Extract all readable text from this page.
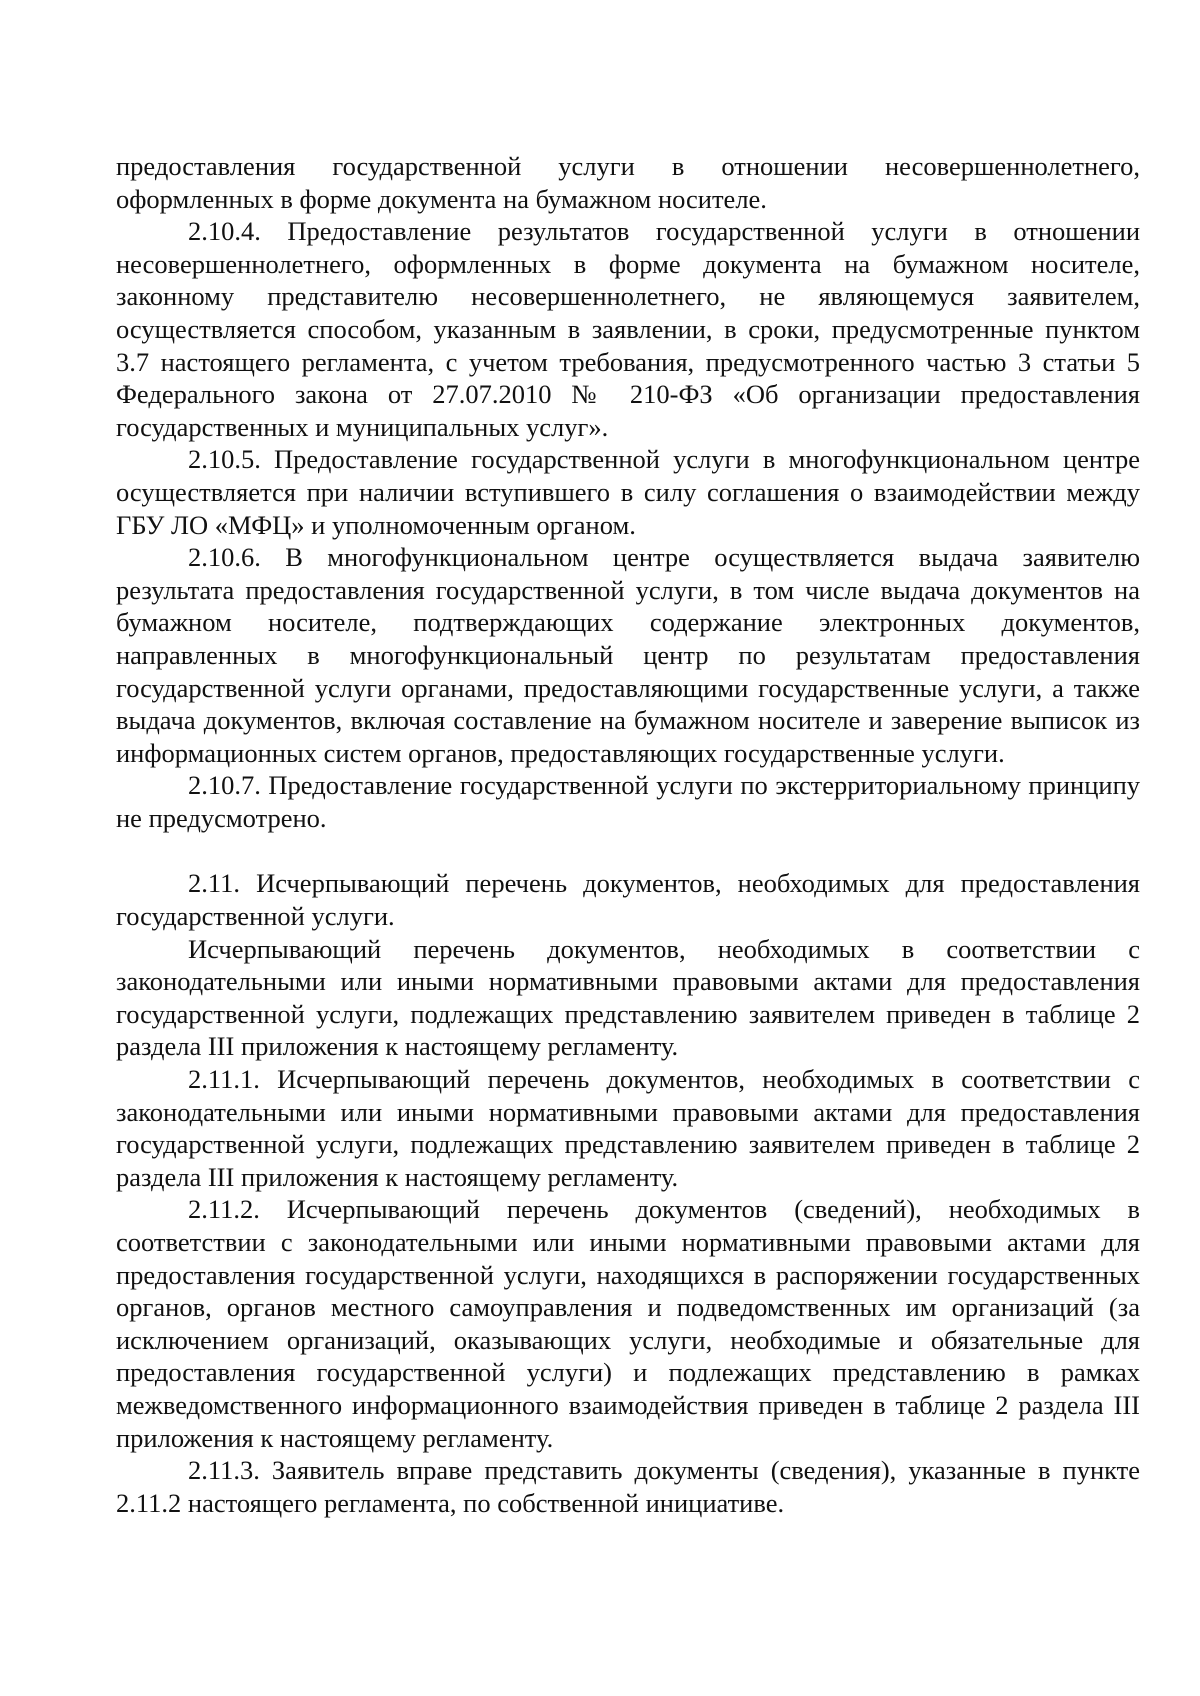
предоставления государственной услуги в отношении несовершеннолетнего, оформленных в форме документа на бумажном носителе.

2.10.4. Предоставление результатов государственной услуги в отношении несовершеннолетнего, оформленных в форме документа на бумажном носителе, законному представителю несовершеннолетнего, не являющемуся заявителем, осуществляется способом, указанным в заявлении, в сроки, предусмотренные пунктом 3.7 настоящего регламента, с учетом требования, предусмотренного частью 3 статьи 5 Федерального закона от 27.07.2010 № 210-ФЗ «Об организации предоставления государственных и муниципальных услуг».

2.10.5. Предоставление государственной услуги в многофункциональном центре осуществляется при наличии вступившего в силу соглашения о взаимодействии между ГБУ ЛО «МФЦ» и уполномоченным органом.

2.10.6. В многофункциональном центре осуществляется выдача заявителю результата предоставления государственной услуги, в том числе выдача документов на бумажном носителе, подтверждающих содержание электронных документов, направленных в многофункциональный центр по результатам предоставления государственной услуги органами, предоставляющими государственные услуги, а также выдача документов, включая составление на бумажном носителе и заверение выписок из информационных систем органов, предоставляющих государственные услуги.

2.10.7. Предоставление государственной услуги по экстерриториальному принципу не предусмотрено.

2.11. Исчерпывающий перечень документов, необходимых для предоставления государственной услуги.

Исчерпывающий перечень документов, необходимых в соответствии с законодательными или иными нормативными правовыми актами для предоставления государственной услуги, подлежащих представлению заявителем приведен в таблице 2 раздела III приложения к настоящему регламенту.

2.11.1. Исчерпывающий перечень документов, необходимых в соответствии с законодательными или иными нормативными правовыми актами для предоставления государственной услуги, подлежащих представлению заявителем приведен в таблице 2 раздела III приложения к настоящему регламенту.

2.11.2. Исчерпывающий перечень документов (сведений), необходимых в соответствии с законодательными или иными нормативными правовыми актами для предоставления государственной услуги, находящихся в распоряжении государственных органов, органов местного самоуправления и подведомственных им организаций (за исключением организаций, оказывающих услуги, необходимые и обязательные для предоставления государственной услуги) и подлежащих представлению в рамках межведомственного информационного взаимодействия приведен в таблице 2 раздела III приложения к настоящему регламенту.

2.11.3. Заявитель вправе представить документы (сведения), указанные в пункте 2.11.2 настоящего регламента, по собственной инициативе.
